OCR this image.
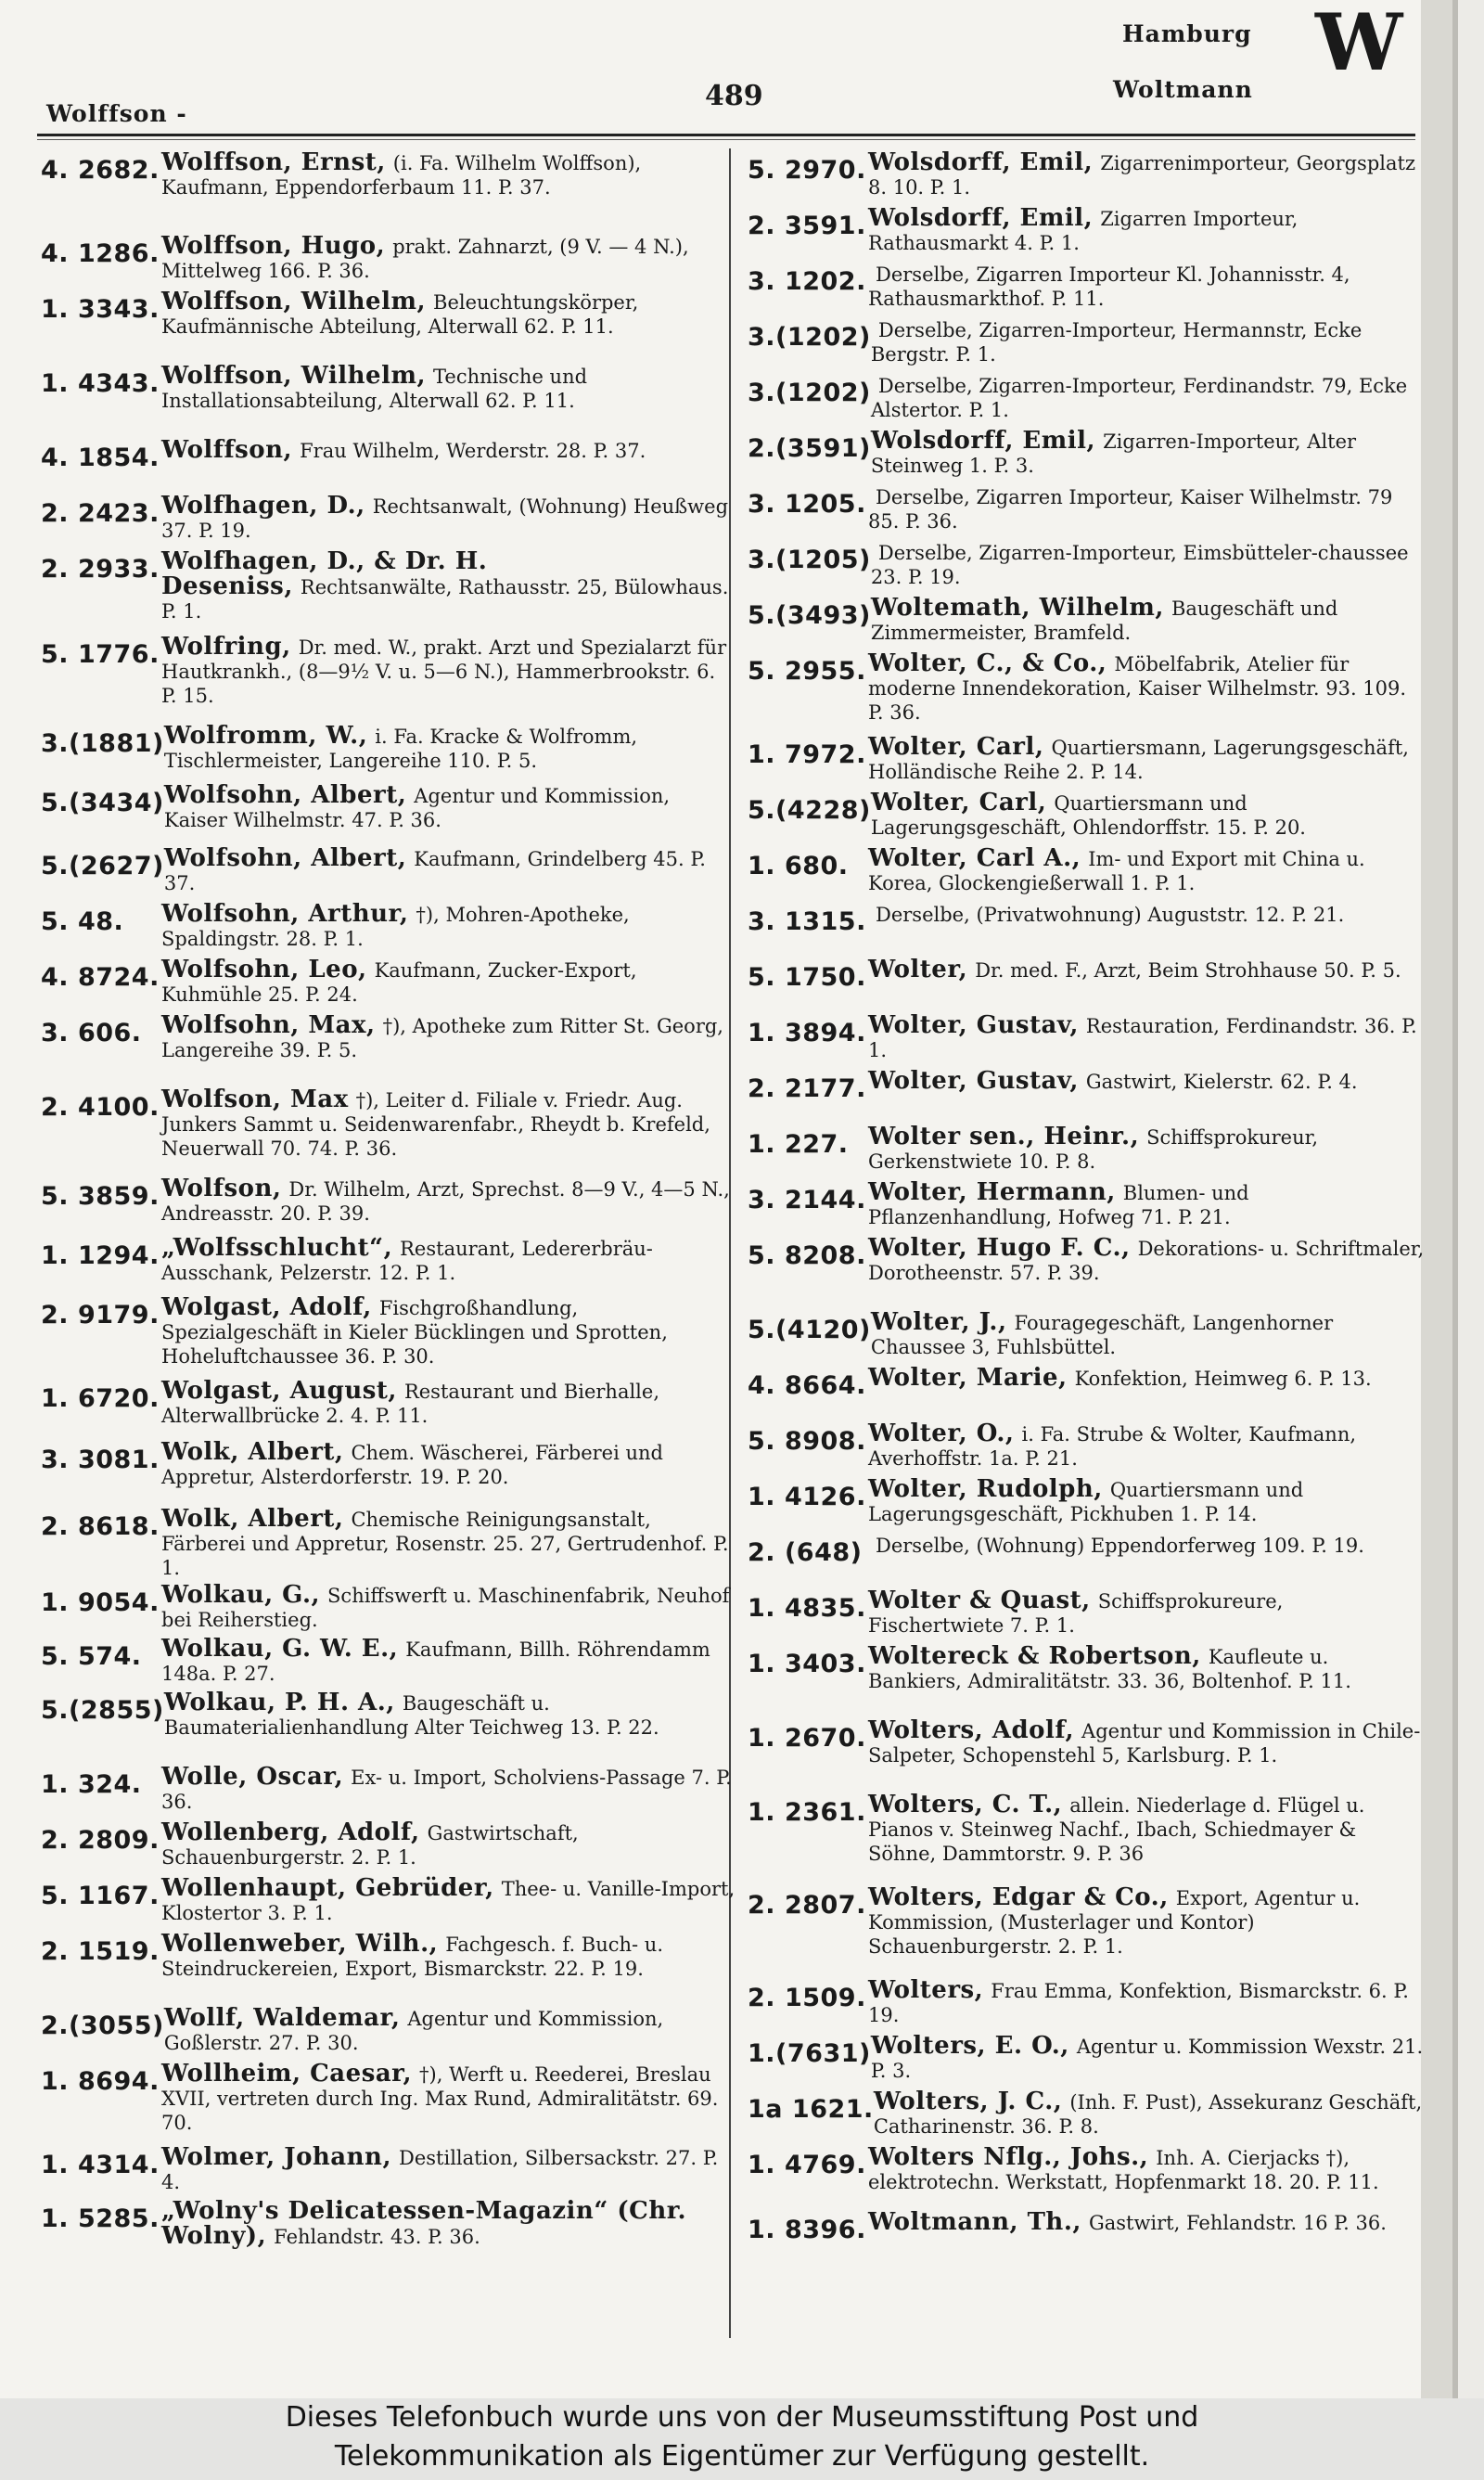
Wolffson -
489
Hamburg
Woltmann
W
4. 2682. Wolffson, Ernst, (i. Fa. Wilhelm Wolffson), Kaufmann, Eppendorferbaum 11. P. 37.
4. 1286. Wolffson, Hugo, prakt. Zahnarzt, (9 V. — 4 N.), Mittelweg 166. P. 36.
1. 3343. Wolffson, Wilhelm, Beleuchtungskörper, Kaufmännische Abteilung, Alterwall 62. P. 11.
1. 4343. Wolffson, Wilhelm, Technische und Installationsabteilung, Alterwall 62. P. 11.
4. 1854. Wolffson, Frau Wilhelm, Werderstr. 28. P. 37.
2. 2423. Wolfhagen, D., Rechtsanwalt, (Wohnung) Heußweg 37. P. 19.
2. 2933. Wolfhagen, D., & Dr. H. Deseniss, Rechtsanwälte, Rathausstr. 25, Bülowhaus. P. 1.
5. 1776. Wolfring, Dr. med. W., prakt. Arzt und Spezialarzt für Hautkrankh., (8—9½ V. u. 5—6 N.), Hammerbrookstr. 6. P. 15.
3.(1881) Wolfromm, W., i. Fa. Kracke & Wolfromm, Tischlermeister, Langereihe 110. P. 5.
5.(3434) Wolfsohn, Albert, Agentur und Kommission, Kaiser Wilhelmstr. 47. P. 36.
5.(2627) Wolfsohn, Albert, Kaufmann, Grindelberg 45. P. 37.
5. 48.	Wolfsohn, Arthur, †), Mohren-Apotheke, Spaldingstr. 28. P. 1.
4. 8724. Wolfsohn, Leo, Kaufmann, Zucker-Export, Kuhmühle 25. P. 24.
3. 606. Wolfsohn, Max, †), Apotheke zum Ritter St. Georg, Langereihe 39. P. 5.
2. 4100. Wolfson, Max †), Leiter d. Filiale v. Friedr. Aug. Junkers Sammt u. Seidenwarenfabr., Rheydt b. Krefeld, Neuerwall 70. 74. P. 36.
5. 3859. Wolfson, Dr. Wilhelm, Arzt, Sprechst. 8—9 V., 4—5 N., Andreasstr. 20. P. 39.
1. 1294. „Wolfsschlucht“, Restaurant, Ledererbräu-Ausschank, Pelzerstr. 12. P. 1.
2. 9179. Wolgast, Adolf, Fischgroßhandlung, Spezialgeschäft in Kieler Bücklingen und Sprotten, Hoheluftchaussee 36. P. 30.
1. 6720. Wolgast, August, Restaurant und Bierhalle, Alterwallbrücke 2. 4. P. 11.
3. 3081. Wolk, Albert, Chem. Wäscherei, Färberei und Appretur, Alsterdorferstr. 19. P. 20.
2. 8618. Wolk, Albert, Chemische Reinigungsanstalt, Färberei und Appretur, Rosenstr. 25. 27, Gertrudenhof. P. 1.
1. 9054. Wolkau, G., Schiffswerft u. Maschinenfabrik, Neuhof bei Reiherstieg.
5. 574. Wolkau, G. W. E., Kaufmann, Billh. Röhrendamm 148a. P. 27.
5.(2855) Wolkau, P. H. A., Baugeschäft u. Baumaterialienhandlung Alter Teichweg 13. P. 22.
1. 324. Wolle, Oscar, Ex- u. Import, Scholviens-Passage 7. P. 36.
2. 2809. Wollenberg, Adolf, Gastwirtschaft, Schauenburgerstr. 2. P. 1.
5. 1167. Wollenhaupt, Gebrüder, Thee- u. Vanille-Import, Klostertor 3. P. 1.
2. 1519. Wollenweber, Wilh., Fachgesch. f. Buch- u. Steindruckereien, Export, Bismarckstr. 22. P. 19.
2.(3055) Wollf, Waldemar, Agentur und Kommission, Goßlerstr. 27. P. 30.
1. 8694. Wollheim, Caesar, †), Werft u. Reederei, Breslau XVII, vertreten durch Ing. Max Rund, Admiralitätstr. 69. 70.
1. 4314. Wolmer, Johann, Destillation, Silbersackstr. 27. P. 4.
1. 5285. „Wolny's Delicatessen-Magazin“ (Chr. Wolny), Fehlandstr. 43. P. 36.
5. 2970. Wolsdorff, Emil, Zigarrenimporteur, Georgsplatz 8. 10. P. 1.
2. 3591. Wolsdorff, Emil, Zigarren Importeur, Rathausmarkt 4. P. 1.
3. 1202. Derselbe, Zigarren Importeur Kl. Johannisstr. 4, Rathausmarkthof. P. 11.
3.(1202) Derselbe, Zigarren-Importeur, Hermannstr, Ecke Bergstr. P. 1.
3.(1202) Derselbe, Zigarren-Importeur, Ferdinandstr. 79, Ecke Alstertor. P. 1.
2.(3591) Wolsdorff, Emil, Zigarren-Importeur, Alter Steinweg 1. P. 3.
3. 1205. Derselbe, Zigarren Importeur, Kaiser Wilhelmstr. 79 85. P. 36.
3.(1205) Derselbe, Zigarren-Importeur, Eimsbütteler-chaussee 23. P. 19.
5.(3493) Woltemath, Wilhelm, Baugeschäft und Zimmermeister, Bramfeld.
5. 2955. Wolter, C., & Co., Möbelfabrik, Atelier für moderne Innendekoration, Kaiser Wilhelmstr. 93. 109. P. 36.
1. 7972. Wolter, Carl, Quartiersmann, Lagerungsgeschäft, Holländische Reihe 2. P. 14.
5.(4228) Wolter, Carl, Quartiersmann und Lagerungsgeschäft, Ohlendorffstr. 15. P. 20.
1. 680. Wolter, Carl A., Im- und Export mit China u. Korea, Glockengießerwall 1. P. 1.
3. 1315. Derselbe, (Privatwohnung) Auguststr. 12. P. 21.
5. 1750. Wolter, Dr. med. F., Arzt, Beim Strohhause 50. P. 5.
1. 3894. Wolter, Gustav, Restauration, Ferdinandstr. 36. P. 1.
2. 2177. Wolter, Gustav, Gastwirt, Kielerstr. 62. P. 4.
1. 227. Wolter sen., Heinr., Schiffsprokureur, Gerkenstwiete 10. P. 8.
3. 2144. Wolter, Hermann, Blumen- und Pflanzenhandlung, Hofweg 71. P. 21.
5. 8208. Wolter, Hugo F. C., Dekorations- u. Schriftmaler, Dorotheenstr. 57. P. 39.
5.(4120) Wolter, J., Fouragegeschäft, Langenhorner Chaussee 3, Fuhlsbüttel.
4. 8664. Wolter, Marie, Konfektion, Heimweg 6. P. 13.
5. 8908. Wolter, O., i. Fa. Strube & Wolter, Kaufmann, Averhoffstr. 1a. P. 21.
1. 4126. Wolter, Rudolph, Quartiersmann und Lagerungsgeschäft, Pickhuben 1. P. 14.
2. (648) Derselbe, (Wohnung) Eppendorferweg 109. P. 19.
1. 4835. Wolter & Quast, Schiffsprokureure, Fischertwiete 7. P. 1.
1. 3403. Woltereck & Robertson, Kaufleute u. Bankiers, Admiralitätstr. 33. 36, Boltenhof. P. 11.
1. 2670. Wolters, Adolf, Agentur und Kommission in Chile-Salpeter, Schopenstehl 5, Karlsburg. P. 1.
1. 2361. Wolters, C. T., allein. Niederlage d. Flügel u. Pianos v. Steinweg Nachf., Ibach, Schiedmayer & Söhne, Dammtorstr. 9. P. 36
2. 2807. Wolters, Edgar & Co., Export, Agentur u. Kommission, (Musterlager und Kontor) Schauenburgerstr. 2. P. 1.
2. 1509. Wolters, Frau Emma, Konfektion, Bismarckstr. 6. P. 19.
1.(7631) Wolters, E. O., Agentur u. Kommission Wexstr. 21. P. 3.
1a 1621. Wolters, J. C., (Inh. F. Pust), Assekuranz Geschäft, Catharinenstr. 36. P. 8.
1. 4769. Wolters Nflg., Johs., Inh. A. Cierjacks †), elektrotechn. Werkstatt, Hopfenmarkt 18. 20. P. 11.
1. 8396. Woltmann, Th., Gastwirt, Fehlandstr. 16 P. 36.
Dieses Telefonbuch wurde uns von der Museumsstiftung Post und
Telekommunikation als Eigentümer zur Verfügung gestellt.
